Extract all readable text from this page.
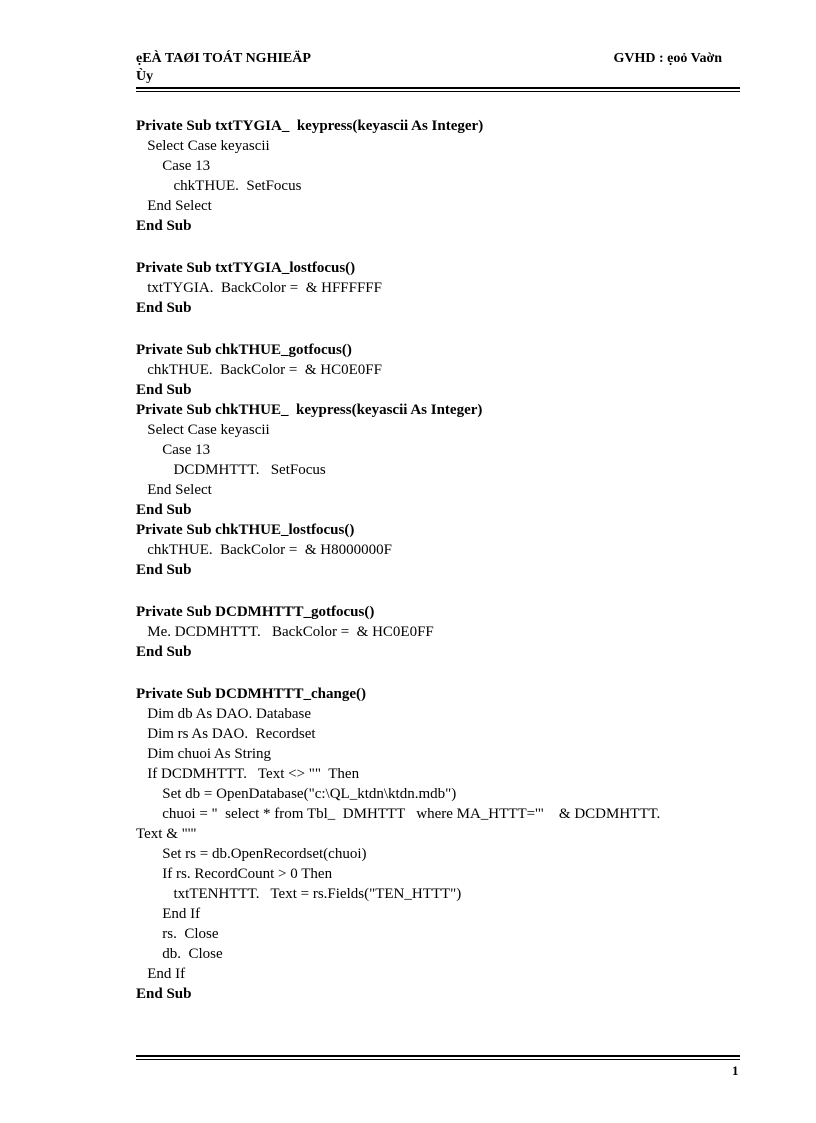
ẹEÀ TAØI TOÁT NGHIEÄP
Ùy
GVHD : ẹoỏ Vaờn
Private Sub txtTYGIA_  keypress(keyascii As Integer)
Select Case keyascii
Case 13
chkTHUE.  SetFocus
End Select
End Sub
Private Sub txtTYGIA_lostfocus()
txtTYGIA.  BackColor =  & HFFFFFF
End Sub
Private Sub chkTHUE_gotfocus()
chkTHUE.  BackColor =  & HC0E0FF
End Sub
Private Sub chkTHUE_  keypress(keyascii As Integer)
Select Case keyascii
Case 13
DCDMHTTT.   SetFocus
End Select
End Sub
Private Sub chkTHUE_lostfocus()
chkTHUE.  BackColor =  & H8000000F
End Sub
Private Sub DCDMHTTT_gotfocus()
Me. DCDMHTTT.   BackColor =  & HC0E0FF
End Sub
Private Sub DCDMHTTT_change()
Dim db As DAO. Database
Dim rs As DAO.  Recordset
Dim chuoi As String
If DCDMHTTT.   Text <> ""  Then
Set db = OpenDatabase("c:\QL_ktdn\ktdn.mdb")
chuoi = "  select * from Tbl_  DMHTTT   where MA_HTTT='"    & DCDMHTTT.
Text & "'"
Set rs = db.OpenRecordset(chuoi)
If rs. RecordCount > 0 Then
txtTENHTTT.   Text = rs.Fields("TEN_HTTT")
End If
rs.  Close
db.  Close
End If
End Sub
1
